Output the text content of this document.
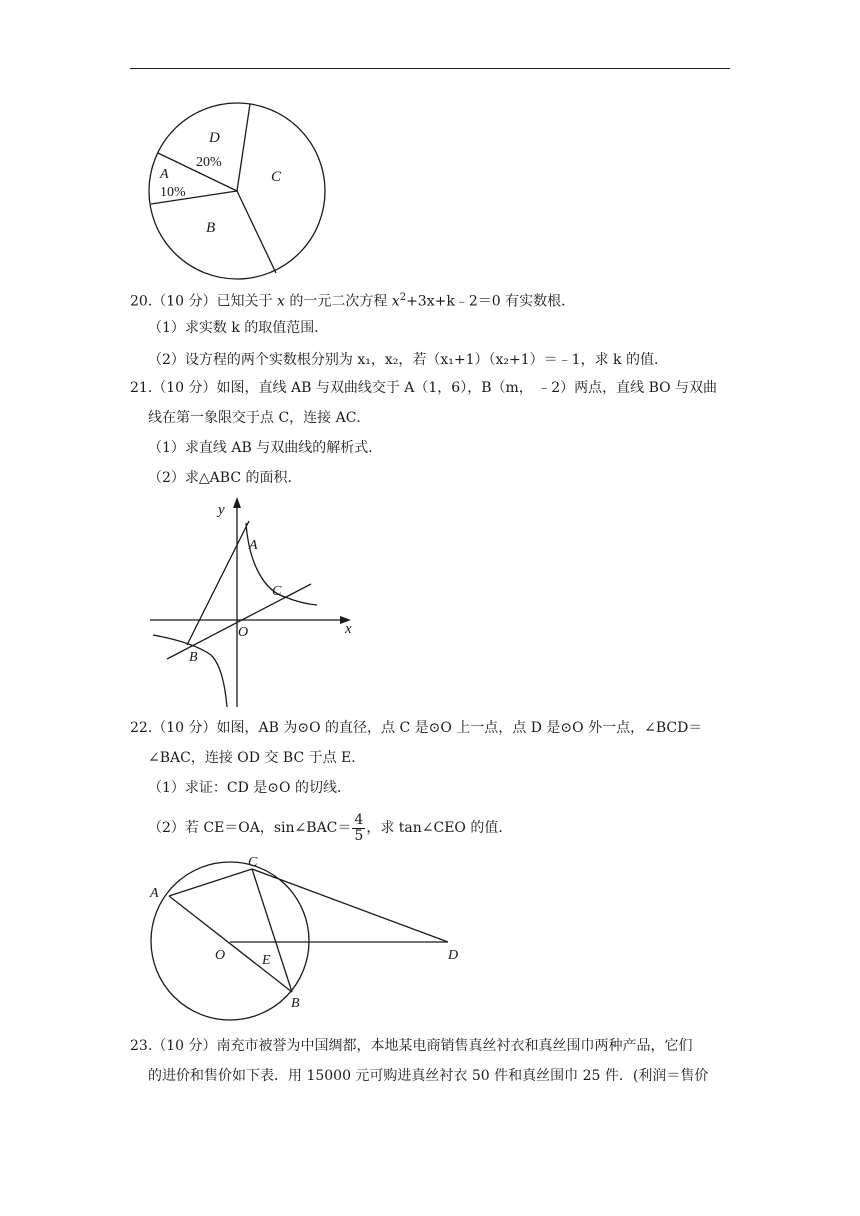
D
20%
A
10%
B
C
20.（10 分）已知关于 x 的一元二次方程 $x^2+3x+k﹣2=0$ 有实数根．
（1）求实数 k 的取值范围．
（2）设方程的两个实数根分别为 x₁，x₂，若（x₁+1）（x₂+1）＝﹣1，求 k 的值．
21.（10 分）如图，直线 AB 与双曲线交于 A（1，6），B（m， ﹣2）两点，直线 BO 与双曲
线在第一象限交于点 C，连接 AC．
（1）求直线 AB 与双曲线的解析式．
（2）求△ABC 的面积．
y
x
A
C
O
B
22.（10 分）如图，AB 为⊙O 的直径，点 C 是⊙O 上一点，点 D 是⊙O 外一点，∠BCD＝
∠BAC，连接 OD 交 BC 于点 E．
（1）求证：CD 是⊙O 的切线．
（2）若 CE＝OA，sin∠BAC＝ $\frac{4}{5}$ ，求 tan∠CEO 的值．
A
C
O	E	D
B
23.（10 分）南充市被誉为中国绸都，本地某电商销售真丝衬衣和真丝围巾两种产品，它们
的进价和售价如下表．用 15000 元可购进真丝衬衣 50 件和真丝围巾 25 件．(利润＝售价
